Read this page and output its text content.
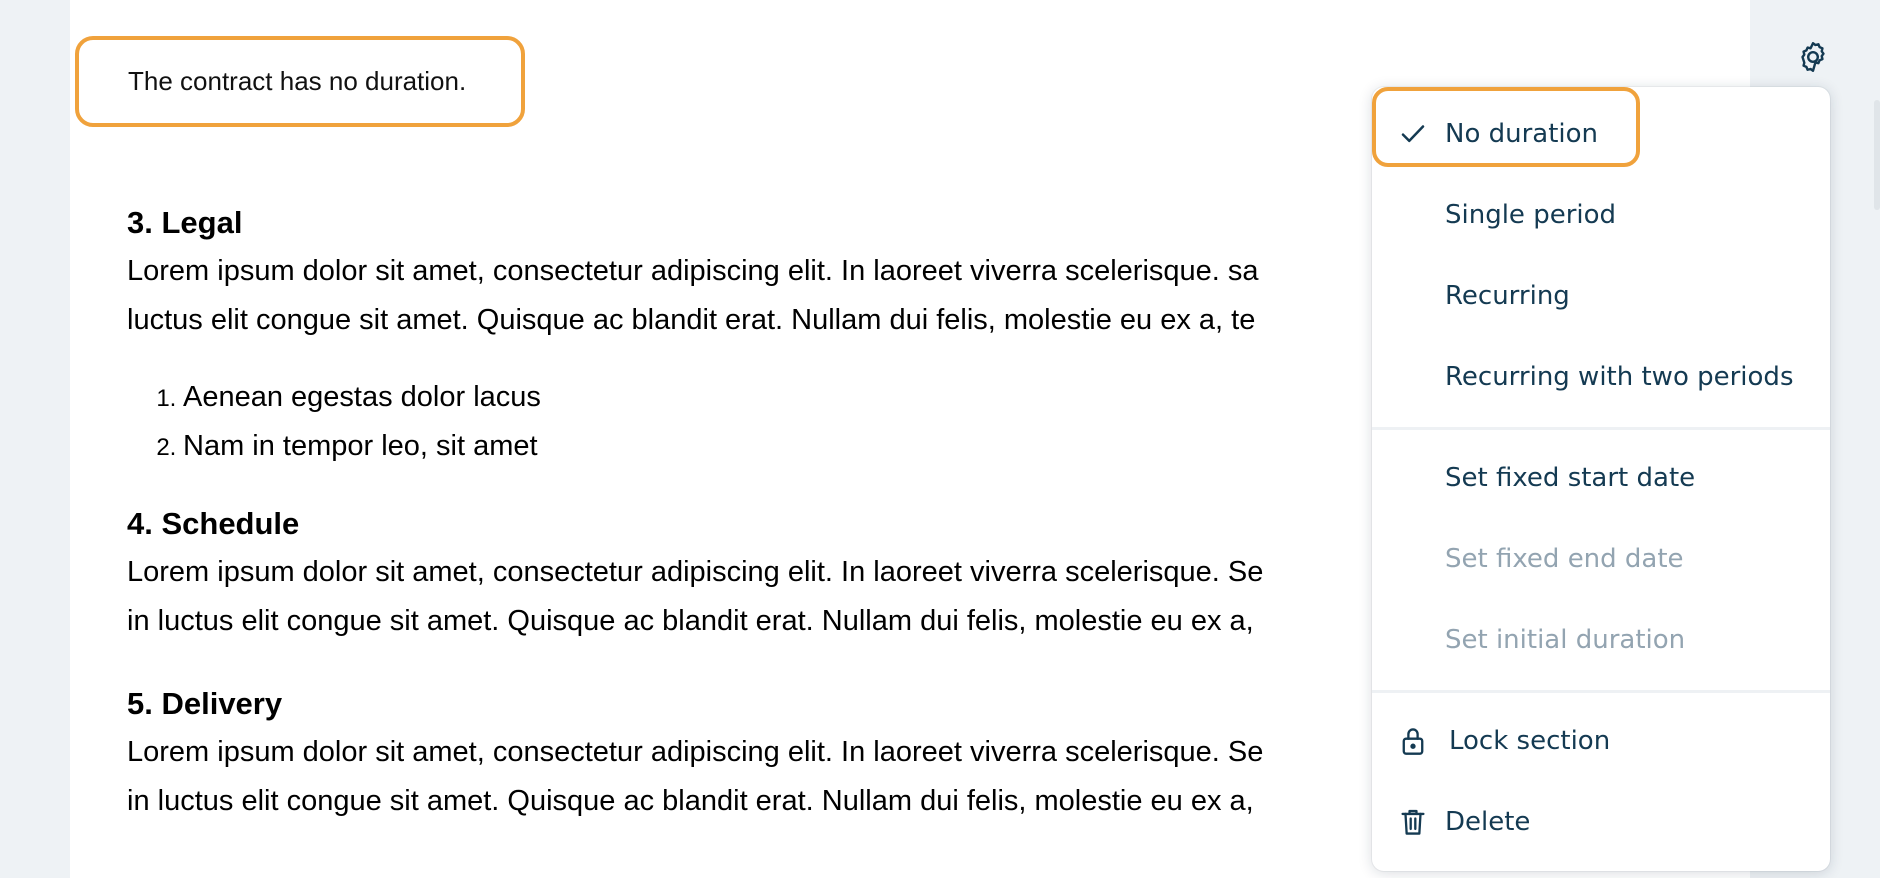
The contract has no duration.
3. Legal

Lorem ipsum dolor sit amet, consectetur adipiscing elit. In laoreet viverra scelerisque. sa

luctus elit congue sit amet. Quisque ac blandit erat. Nullam dui felis, molestie eu ex a, te

1. Aenean egestas dolor lacus
2. Nam in tempor leo, sit amet
4. Schedule

Lorem ipsum dolor sit amet, consectetur adipiscing elit. In laoreet viverra scelerisque. Se

in luctus elit congue sit amet. Quisque ac blandit erat. Nullam dui felis, molestie eu ex a,

5. Delivery

Lorem ipsum dolor sit amet, consectetur adipiscing elit. In laoreet viverra scelerisque. Se

in luctus elit congue sit amet. Quisque ac blandit erat. Nullam dui felis, molestie eu ex a,

No duration
Single period
Recurring
Recurring with two periods
Set fixed start date
Set fixed end date
Set initial duration
Lock section
Delete
